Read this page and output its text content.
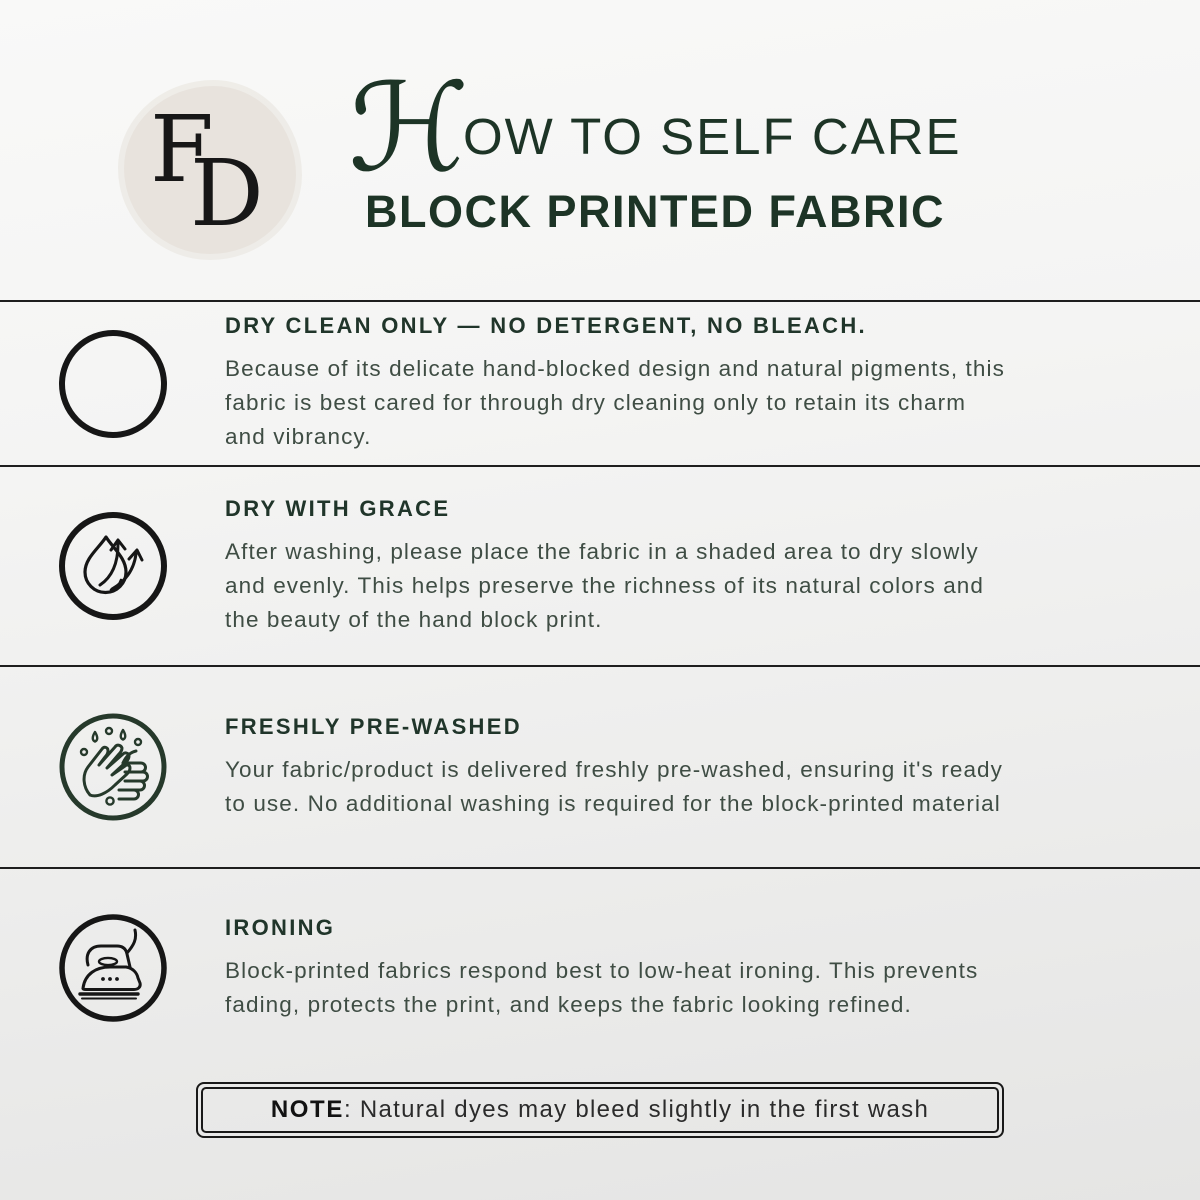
F
D ℋOW TO SELF CARE
BLOCK PRINTED FABRIC
DRY CLEAN ONLY — NO DETERGENT, NO BLEACH.
Because of its delicate hand-blocked design and natural pigments, this fabric is best cared for through dry cleaning only to retain its charm and vibrancy.
DRY WITH GRACE
After washing, please place the fabric in a shaded area to dry slowly and evenly. This helps preserve the richness of its natural colors and the beauty of the hand block print.
FRESHLY PRE-WASHED
Your fabric/product is delivered freshly pre-washed, ensuring it's ready to use. No additional washing is required for the block-printed material
IRONING
Block-printed fabrics respond best to low-heat ironing. This prevents fading, protects the print, and keeps the fabric looking refined.
NOTE: Natural dyes may bleed slightly in the first wash
